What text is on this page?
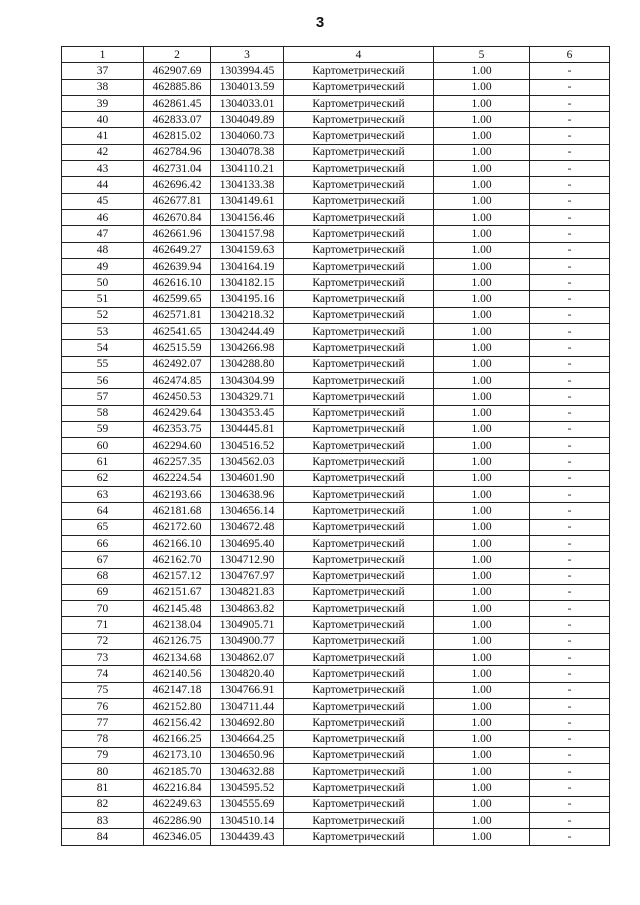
3
1	2	3	4	5	6
37	462907.69	1303994.45	Картометрический	1.00	-
38	462885.86	1304013.59	Картометрический	1.00	-
39	462861.45	1304033.01	Картометрический	1.00	-
40	462833.07	1304049.89	Картометрический	1.00	-
41	462815.02	1304060.73	Картометрический	1.00	-
42	462784.96	1304078.38	Картометрический	1.00	-
43	462731.04	1304110.21	Картометрический	1.00	-
44	462696.42	1304133.38	Картометрический	1.00	-
45	462677.81	1304149.61	Картометрический	1.00	-
46	462670.84	1304156.46	Картометрический	1.00	-
47	462661.96	1304157.98	Картометрический	1.00	-
48	462649.27	1304159.63	Картометрический	1.00	-
49	462639.94	1304164.19	Картометрический	1.00	-
50	462616.10	1304182.15	Картометрический	1.00	-
51	462599.65	1304195.16	Картометрический	1.00	-
52	462571.81	1304218.32	Картометрический	1.00	-
53	462541.65	1304244.49	Картометрический	1.00	-
54	462515.59	1304266.98	Картометрический	1.00	-
55	462492.07	1304288.80	Картометрический	1.00	-
56	462474.85	1304304.99	Картометрический	1.00	-
57	462450.53	1304329.71	Картометрический	1.00	-
58	462429.64	1304353.45	Картометрический	1.00	-
59	462353.75	1304445.81	Картометрический	1.00	-
60	462294.60	1304516.52	Картометрический	1.00	-
61	462257.35	1304562.03	Картометрический	1.00	-
62	462224.54	1304601.90	Картометрический	1.00	-
63	462193.66	1304638.96	Картометрический	1.00	-
64	462181.68	1304656.14	Картометрический	1.00	-
65	462172.60	1304672.48	Картометрический	1.00	-
66	462166.10	1304695.40	Картометрический	1.00	-
67	462162.70	1304712.90	Картометрический	1.00	-
68	462157.12	1304767.97	Картометрический	1.00	-
69	462151.67	1304821.83	Картометрический	1.00	-
70	462145.48	1304863.82	Картометрический	1.00	-
71	462138.04	1304905.71	Картометрический	1.00	-
72	462126.75	1304900.77	Картометрический	1.00	-
73	462134.68	1304862.07	Картометрический	1.00	-
74	462140.56	1304820.40	Картометрический	1.00	-
75	462147.18	1304766.91	Картометрический	1.00	-
76	462152.80	1304711.44	Картометрический	1.00	-
77	462156.42	1304692.80	Картометрический	1.00	-
78	462166.25	1304664.25	Картометрический	1.00	-
79	462173.10	1304650.96	Картометрический	1.00	-
80	462185.70	1304632.88	Картометрический	1.00	-
81	462216.84	1304595.52	Картометрический	1.00	-
82	462249.63	1304555.69	Картометрический	1.00	-
83	462286.90	1304510.14	Картометрический	1.00	-
84	462346.05	1304439.43	Картометрический	1.00	-
